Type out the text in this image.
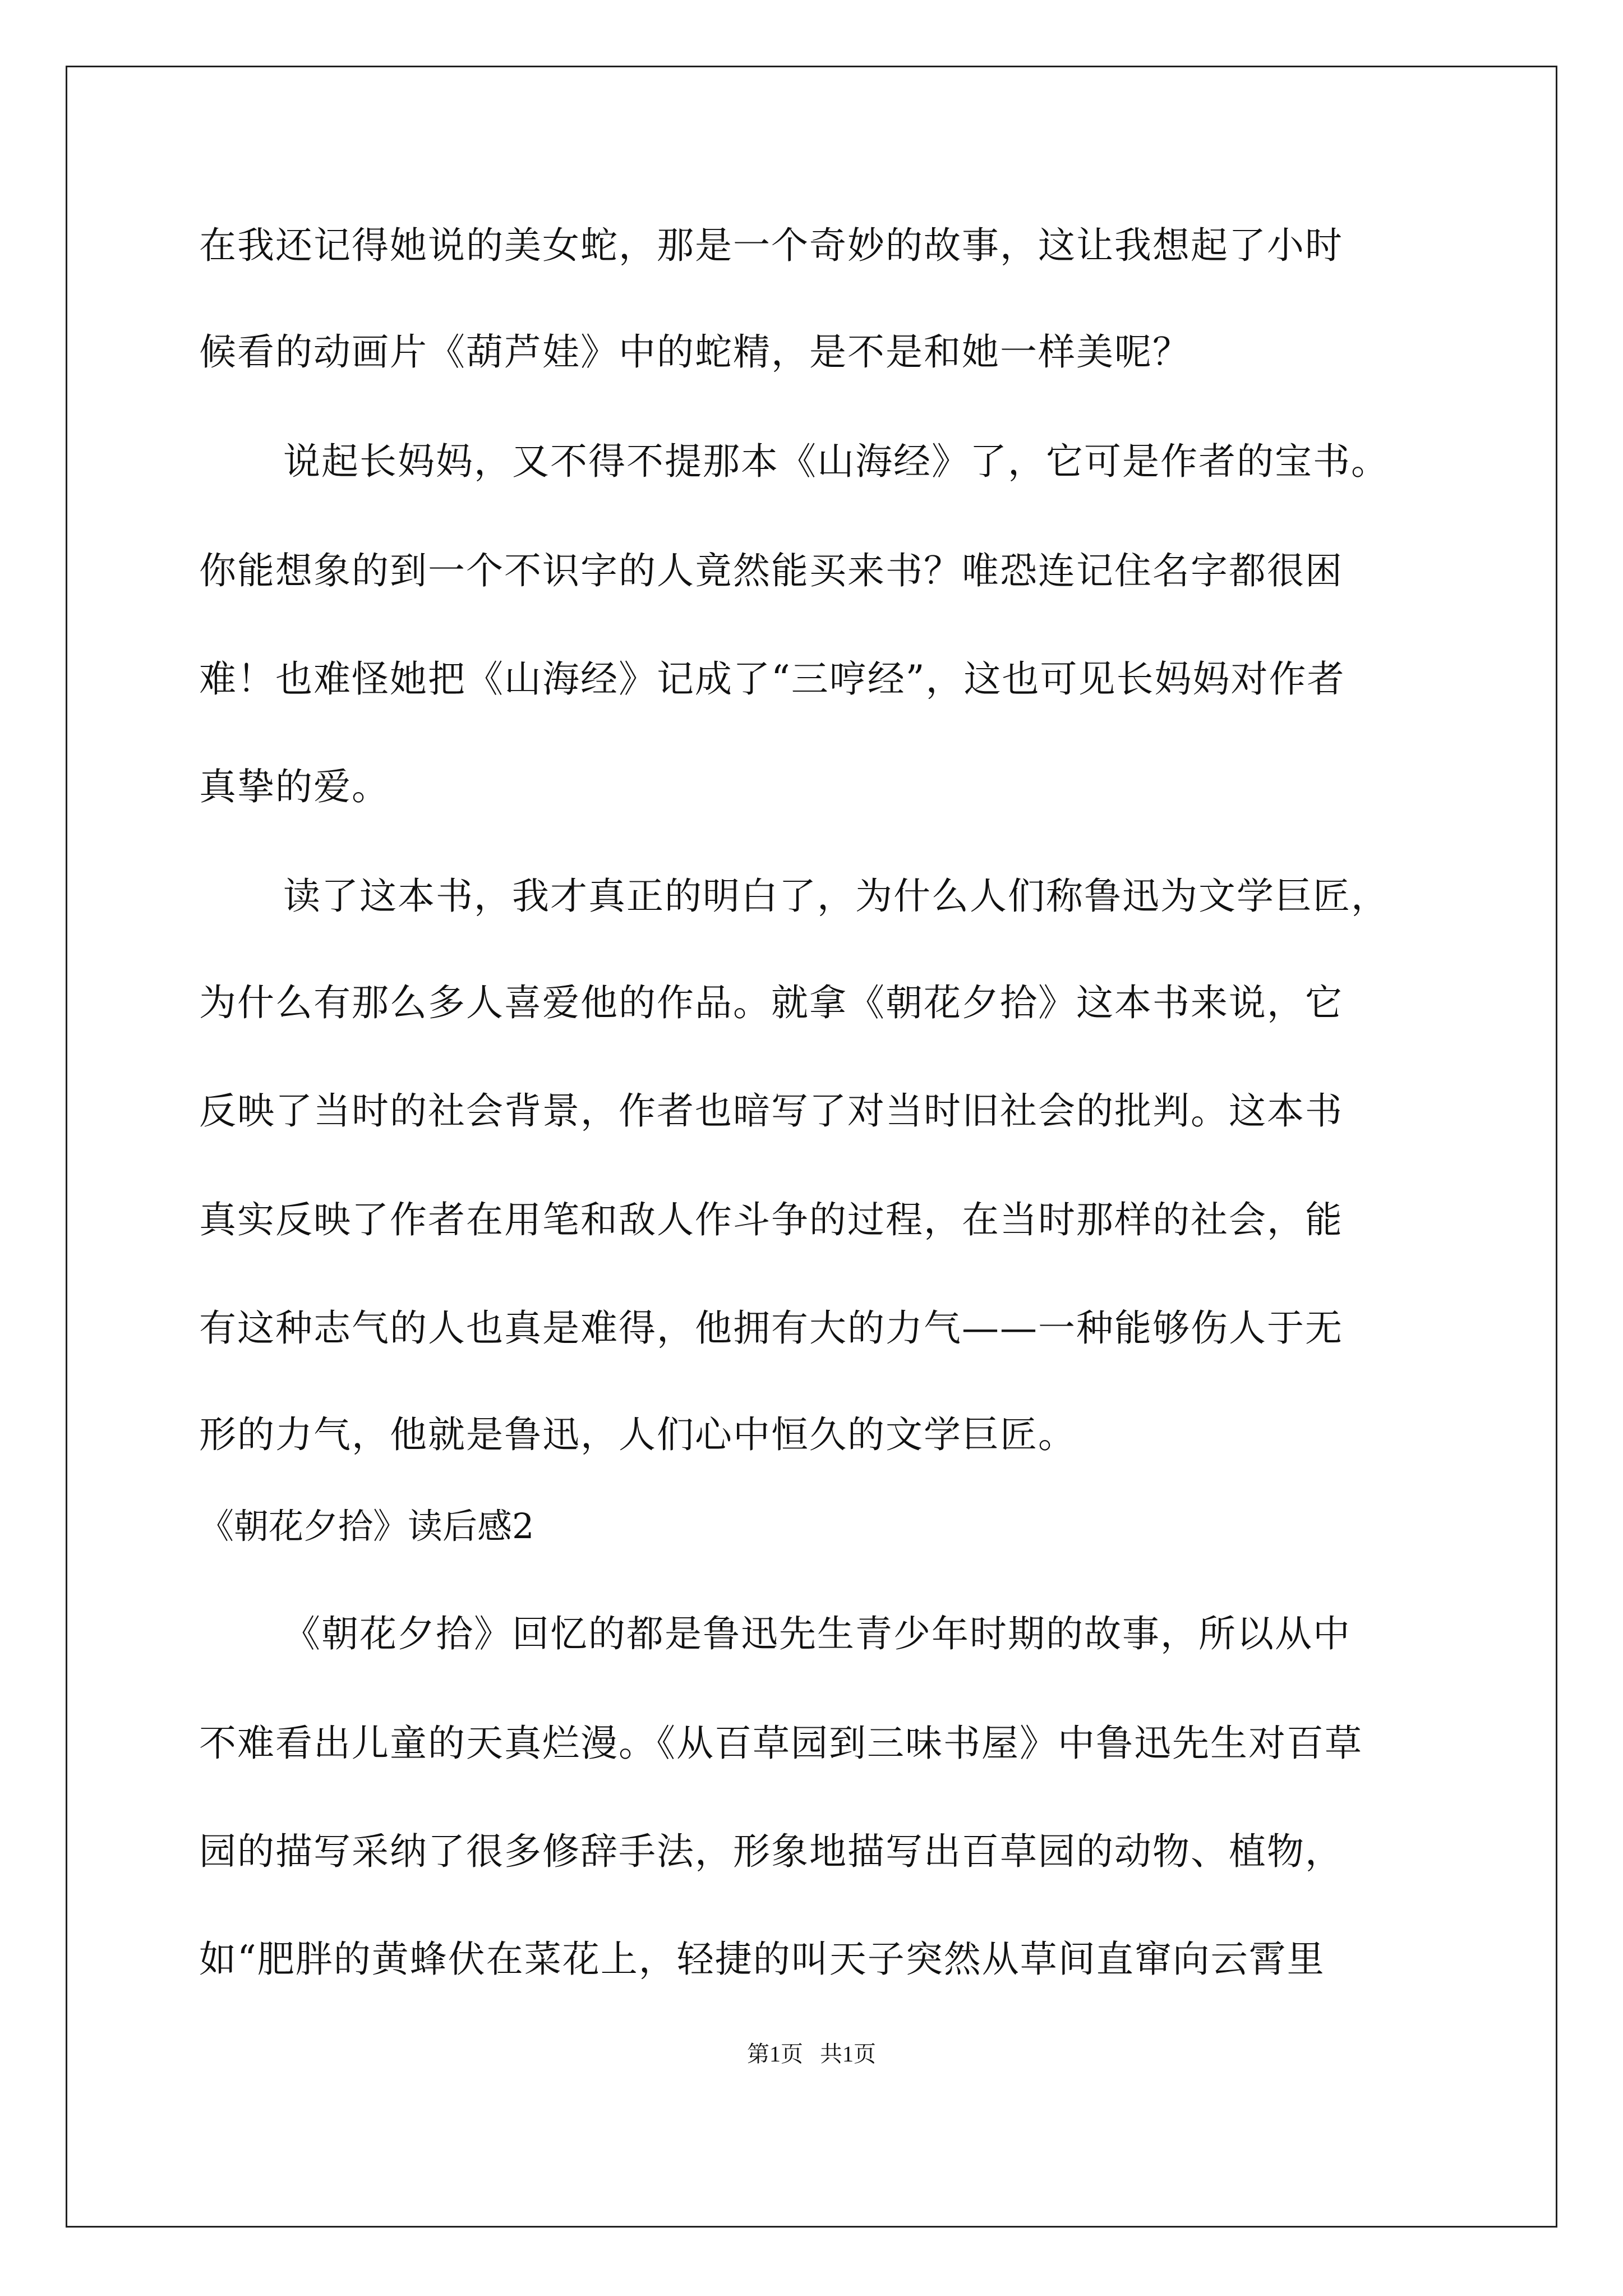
在我还记得她说的美女蛇，那是一个奇妙的故事，这让我想起了小时
候看的动画片《葫芦娃》中的蛇精，是不是和她一样美呢？
说起长妈妈，又不得不提那本《山海经》了，它可是作者的宝书。
你能想象的到一个不识字的人竟然能买来书？唯恐连记住名字都很困
难！也难怪她把《山海经》记成了“三哼经”，这也可见长妈妈对作者
真挚的爱。
读了这本书，我才真正的明白了，为什么人们称鲁迅为文学巨匠，
为什么有那么多人喜爱他的作品。就拿《朝花夕拾》这本书来说，它
反映了当时的社会背景，作者也暗写了对当时旧社会的批判。这本书
真实反映了作者在用笔和敌人作斗争的过程，在当时那样的社会，能
有这种志气的人也真是难得，他拥有大的力气——一种能够伤人于无
形的力气，他就是鲁迅，人们心中恒久的文学巨匠。
《朝花夕拾》读后感2
《朝花夕拾》回忆的都是鲁迅先生青少年时期的故事，所以从中
不难看出儿童的天真烂漫。《从百草园到三味书屋》中鲁迅先生对百草
园的描写采纳了很多修辞手法，形象地描写出百草园的动物、植物，
如“肥胖的黄蜂伏在菜花上，轻捷的叫天子突然从草间直窜向云霄里
第1页   共1页
